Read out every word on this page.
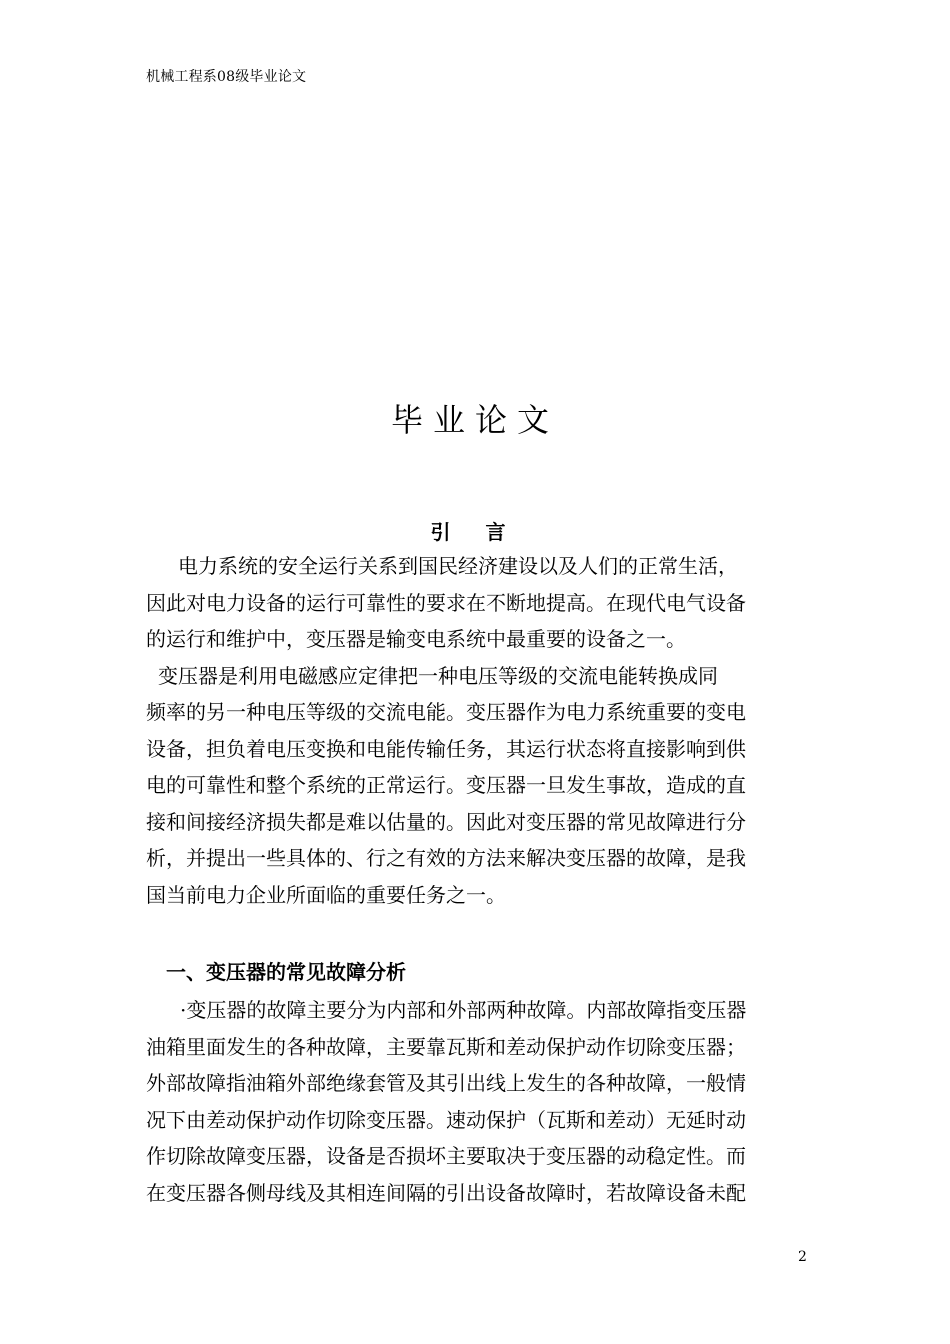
机械工程系08级毕业论文
毕业论文
引 言
电力系统的安全运行关系到国民经济建设以及人们的正常生活，
因此对电力设备的运行可靠性的要求在不断地提高。在现代电气设备
的运行和维护中，变压器是输变电系统中最重要的设备之一。
变压器是利用电磁感应定律把一种电压等级的交流电能转换成同
频率的另一种电压等级的交流电能。变压器作为电力系统重要的变电
设备，担负着电压变换和电能传输任务，其运行状态将直接影响到供
电的可靠性和整个系统的正常运行。变压器一旦发生事故，造成的直
接和间接经济损失都是难以估量的。因此对变压器的常见故障进行分
析，并提出一些具体的、行之有效的方法来解决变压器的故障，是我
国当前电力企业所面临的重要任务之一。
一、变压器的常见故障分析
·变压器的故障主要分为内部和外部两种故障。内部故障指变压器
油箱里面发生的各种故障，主要靠瓦斯和差动保护动作切除变压器；
外部故障指油箱外部绝缘套管及其引出线上发生的各种故障，一般情
况下由差动保护动作切除变压器。速动保护（瓦斯和差动）无延时动
作切除故障变压器，设备是否损坏主要取决于变压器的动稳定性。而
在变压器各侧母线及其相连间隔的引出设备故障时，若故障设备未配
2
